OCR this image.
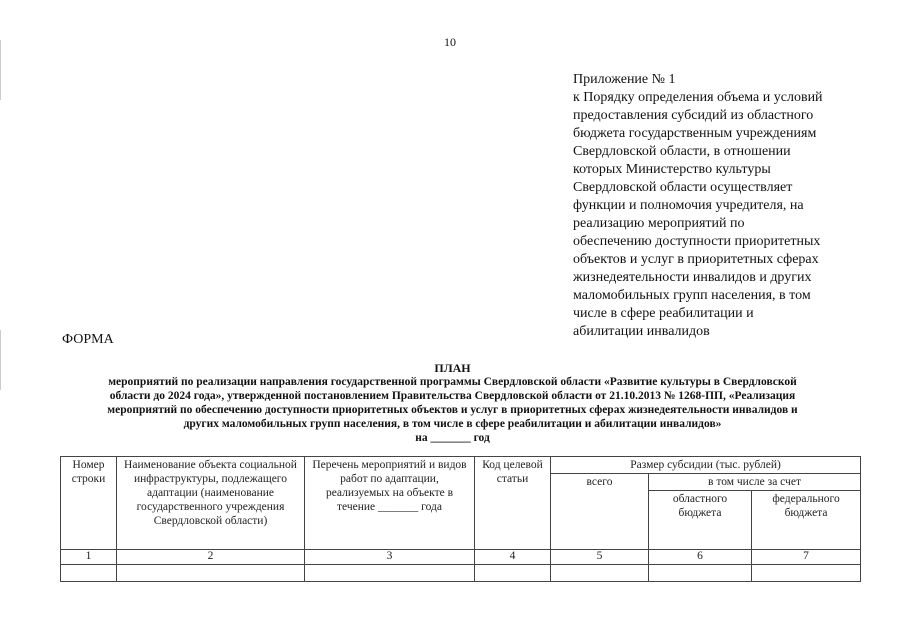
10
Приложение № 1
к Порядку определения объема и условий
предоставления субсидий из областного
бюджета государственным учреждениям
Свердловской области, в отношении
которых Министерство культуры
Свердловской области осуществляет
функции и полномочия учредителя, на
реализацию мероприятий по
обеспечению доступности приоритетных
объектов и услуг в приоритетных сферах
жизнедеятельности инвалидов и других
маломобильных групп населения, в том
числе в сфере реабилитации и
абилитации инвалидов
ФОРМА
ПЛАН
мероприятий по реализации направления государственной программы Свердловской области «Развитие культуры в Свердловской
области до 2024 года», утвержденной постановлением Правительства Свердловской области от 21.10.2013 № 1268-ПП, «Реализация
мероприятий по обеспечению доступности приоритетных объектов и услуг в приоритетных сферах жизнедеятельности инвалидов и
других маломобильных групп населения, в том числе в сфере реабилитации и абилитации инвалидов»
на _______ год
Номер строки	Наименование объекта социальной инфраструктуры, подлежащего адаптации (наименование государственного учреждения Свердловской области)	Перечень мероприятий и видов работ по адаптации, реализуемых на объекте в течение _______ года	Код целевой статьи	Размер субсидии (тыс. рублей)		
				всего	в том числе за счет	
					областного бюджета	федерального бюджета
1	2	3	4	5	6	7
